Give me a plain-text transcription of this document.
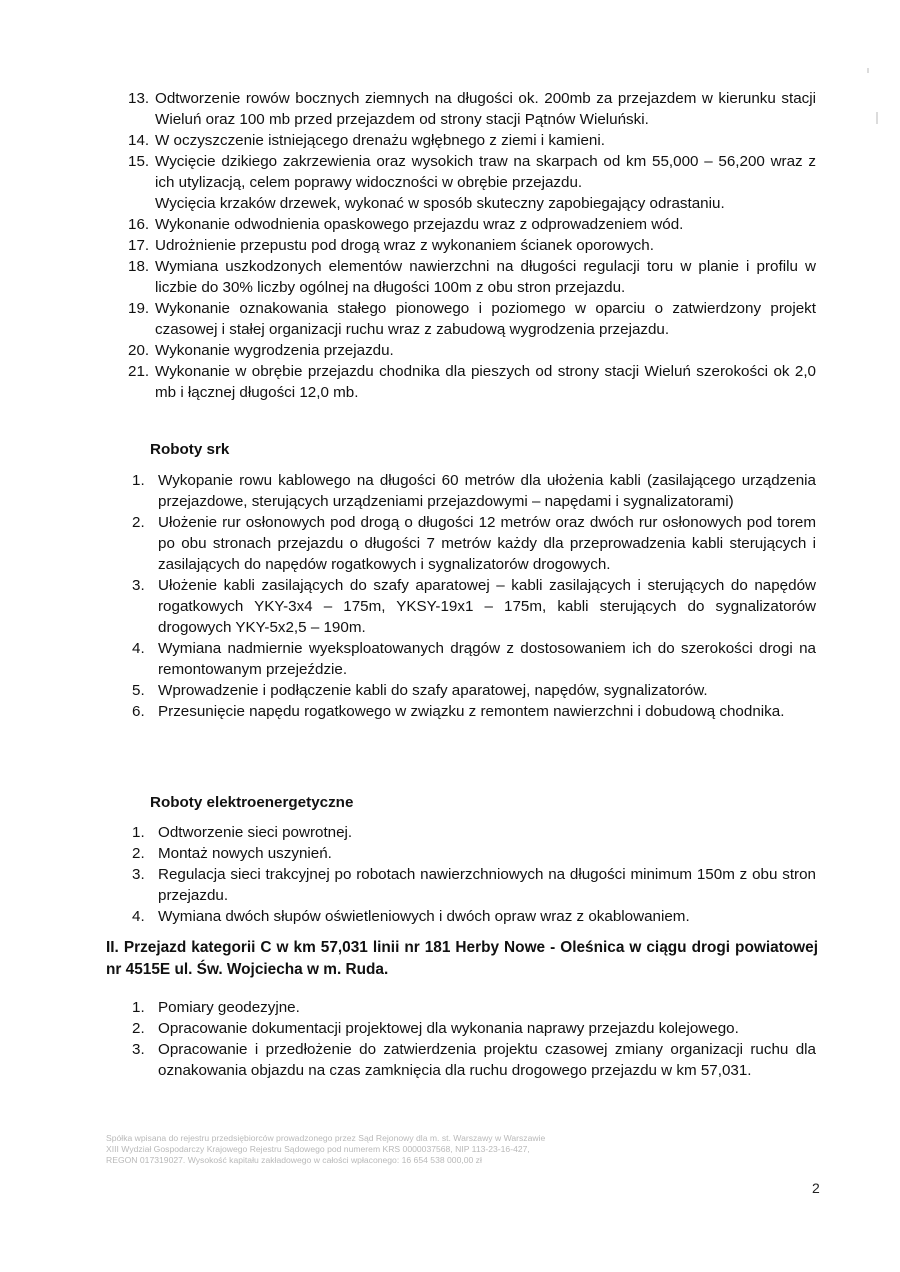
13. Odtworzenie rowów bocznych ziemnych na długości ok. 200mb za przejazdem w kierunku stacji Wieluń oraz 100 mb przed przejazdem od strony stacji Pątnów Wieluński.
14. W oczyszczenie istniejącego drenażu wgłębnego z ziemi i kamieni.
15. Wycięcie dzikiego zakrzewienia oraz wysokich traw na skarpach od km 55,000 – 56,200 wraz z ich utylizacją, celem poprawy widoczności w obrębie przejazdu.
Wycięcia krzaków drzewek, wykonać w sposób skuteczny zapobiegający odrastaniu.
16. Wykonanie odwodnienia opaskowego przejazdu wraz z odprowadzeniem wód.
17. Udrożnienie przepustu pod drogą wraz z wykonaniem ścianek oporowych.
18. Wymiana uszkodzonych elementów nawierzchni na długości regulacji toru w planie i profilu w liczbie do 30% liczby ogólnej na długości 100m z obu stron przejazdu.
19. Wykonanie oznakowania stałego pionowego i poziomego w oparciu o zatwierdzony projekt czasowej i stałej organizacji ruchu wraz z zabudową wygrodzenia przejazdu.
20. Wykonanie wygrodzenia przejazdu.
21. Wykonanie w obrębie przejazdu chodnika dla pieszych od strony stacji Wieluń szerokości ok 2,0 mb i łącznej długości 12,0 mb.
Roboty srk
1. Wykopanie rowu kablowego na długości 60 metrów dla ułożenia kabli (zasilającego urządzenia przejazdowe, sterujących urządzeniami przejazdowymi – napędami i sygnalizatorami)
2. Ułożenie rur osłonowych pod drogą o długości 12 metrów oraz dwóch rur osłonowych pod torem po obu stronach przejazdu o długości 7 metrów każdy dla przeprowadzenia kabli sterujących i zasilających do napędów rogatkowych i sygnalizatorów drogowych.
3. Ułożenie kabli zasilających do szafy aparatowej – kabli zasilających i sterujących do napędów rogatkowych YKY-3x4 – 175m, YKSY-19x1 – 175m, kabli sterujących do sygnalizatorów drogowych YKY-5x2,5 – 190m.
4. Wymiana nadmiernie wyeksploatowanych drągów z dostosowaniem ich do szerokości drogi na remontowanym przejeździe.
5. Wprowadzenie i podłączenie kabli do szafy aparatowej, napędów, sygnalizatorów.
6. Przesunięcie napędu rogatkowego w związku z remontem nawierzchni i dobudową chodnika.
Roboty elektroenergetyczne
1. Odtworzenie sieci powrotnej.
2. Montaż nowych uszynień.
3. Regulacja sieci trakcyjnej po robotach nawierzchniowych na długości minimum 150m z obu stron przejazdu.
4. Wymiana dwóch słupów oświetleniowych i dwóch opraw wraz z okablowaniem.
II. Przejazd kategorii C w km 57,031 linii nr 181 Herby Nowe - Oleśnica w ciągu drogi powiatowej nr 4515E ul. Św. Wojciecha w m. Ruda.
1. Pomiary geodezyjne.
2. Opracowanie dokumentacji projektowej dla wykonania naprawy przejazdu kolejowego.
3. Opracowanie i przedłożenie do zatwierdzenia projektu czasowej zmiany organizacji ruchu dla oznakowania objazdu na czas zamknięcia dla ruchu drogowego przejazdu w km 57,031.
Spółka wpisana do rejestru przedsiębiorców prowadzonego przez Sąd Rejonowy dla m. st. Warszawy w Warszawie
XIII Wydział Gospodarczy Krajowego Rejestru Sądowego pod numerem KRS 0000037568, NIP 113-23-16-427,
REGON 017319027. Wysokość kapitału zakładowego w całości wpłaconego: 16 654 538 000,00 zł
2
